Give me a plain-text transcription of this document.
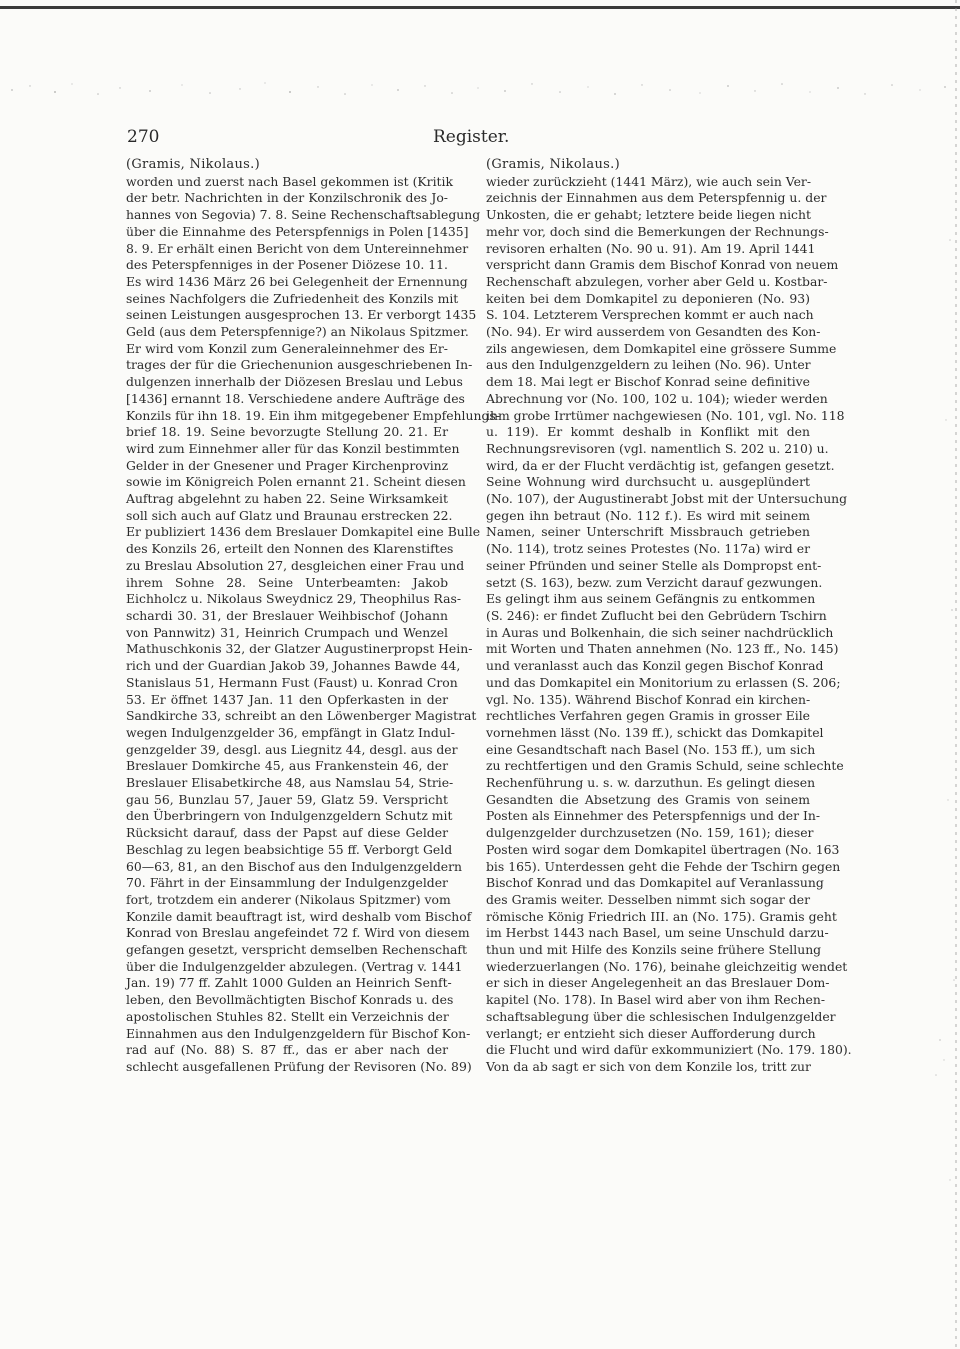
270	Register.
(Gramis, Nikolaus.)
worden und zuerst nach Basel gekommen ist (Kritik
der betr. Nachrichten in der Konzilschronik des Jo-
hannes von Segovia) 7. 8. Seine Rechenschaftsablegung
über die Einnahme des Peterspfennigs in Polen [1435]
8. 9. Er erhält einen Bericht von dem Untereinnehmer
des Peterspfenniges in der Posener Diözese 10. 11.
Es wird 1436 März 26 bei Gelegenheit der Ernennung
seines Nachfolgers die Zufriedenheit des Konzils mit
seinen Leistungen ausgesprochen 13. Er verborgt 1435
Geld (aus dem Peterspfennige?) an Nikolaus Spitzmer.
Er wird vom Konzil zum Generaleinnehmer des Er-
trages der für die Griechenunion ausgeschriebenen In-
dulgenzen innerhalb der Diözesen Breslau und Lebus
[1436] ernannt 18. Verschiedene andere Aufträge des
Konzils für ihn 18. 19. Ein ihm mitgegebener Empfehlungs-
brief 18. 19. Seine bevorzugte Stellung 20. 21. Er
wird zum Einnehmer aller für das Konzil bestimmten
Gelder in der Gnesener und Prager Kirchenprovinz
sowie im Königreich Polen ernannt 21. Scheint diesen
Auftrag abgelehnt zu haben 22. Seine Wirksamkeit
soll sich auch auf Glatz und Braunau erstrecken 22.
Er publiziert 1436 dem Breslauer Domkapitel eine Bulle
des Konzils 26, erteilt den Nonnen des Klarenstiftes
zu Breslau Absolution 27, desgleichen einer Frau und
ihrem Sohne 28. Seine Unterbeamten: Jakob
Eichholcz u. Nikolaus Sweydnicz 29, Theophilus Ras-
schardi 30. 31, der Breslauer Weihbischof (Johann
von Pannwitz) 31, Heinrich Crumpach und Wenzel
Mathuschkonis 32, der Glatzer Augustinerpropst Hein-
rich und der Guardian Jakob 39, Johannes Bawde 44,
Stanislaus 51, Hermann Fust (Faust) u. Konrad Cron
53. Er öffnet 1437 Jan. 11 den Opferkasten in der
Sandkirche 33, schreibt an den Löwenberger Magistrat
wegen Indulgenzgelder 36, empfängt in Glatz Indul-
genzgelder 39, desgl. aus Liegnitz 44, desgl. aus der
Breslauer Domkirche 45, aus Frankenstein 46, der
Breslauer Elisabetkirche 48, aus Namslau 54, Strie-
gau 56, Bunzlau 57, Jauer 59, Glatz 59. Verspricht
den Überbringern von Indulgenzgeldern Schutz mit
Rücksicht darauf, dass der Papst auf diese Gelder
Beschlag zu legen beabsichtige 55 ff. Verborgt Geld
60—63, 81, an den Bischof aus den Indulgenzgeldern
70. Fährt in der Einsammlung der Indulgenzgelder
fort, trotzdem ein anderer (Nikolaus Spitzmer) vom
Konzile damit beauftragt ist, wird deshalb vom Bischof
Konrad von Breslau angefeindet 72 f. Wird von diesem
gefangen gesetzt, verspricht demselben Rechenschaft
über die Indulgenzgelder abzulegen. (Vertrag v. 1441
Jan. 19) 77 ff. Zahlt 1000 Gulden an Heinrich Senft-
leben, den Bevollmächtigten Bischof Konrads u. des
apostolischen Stuhles 82. Stellt ein Verzeichnis der
Einnahmen aus den Indulgenzgeldern für Bischof Kon-
rad auf (No. 88) S. 87 ff., das er aber nach der
schlecht ausgefallenen Prüfung der Revisoren (No. 89)
(Gramis, Nikolaus.)
wieder zurückzieht (1441 März), wie auch sein Ver-
zeichnis der Einnahmen aus dem Peterspfennig u. der
Unkosten, die er gehabt; letztere beide liegen nicht
mehr vor, doch sind die Bemerkungen der Rechnungs-
revisoren erhalten (No. 90 u. 91). Am 19. April 1441
verspricht dann Gramis dem Bischof Konrad von neuem
Rechenschaft abzulegen, vorher aber Geld u. Kostbar-
keiten bei dem Domkapitel zu deponieren (No. 93)
S. 104. Letzterem Versprechen kommt er auch nach
(No. 94). Er wird ausserdem von Gesandten des Kon-
zils angewiesen, dem Domkapitel eine grössere Summe
aus den Indulgenzgeldern zu leihen (No. 96). Unter
dem 18. Mai legt er Bischof Konrad seine definitive
Abrechnung vor (No. 100, 102 u. 104); wieder werden
ihm grobe Irrtümer nachgewiesen (No. 101, vgl. No. 118
u. 119). Er kommt deshalb in Konflikt mit den
Rechnungsrevisoren (vgl. namentlich S. 202 u. 210) u.
wird, da er der Flucht verdächtig ist, gefangen gesetzt.
Seine Wohnung wird durchsucht u. ausgeplündert
(No. 107), der Augustinerabt Jobst mit der Untersuchung
gegen ihn betraut (No. 112 f.). Es wird mit seinem
Namen, seiner Unterschrift Missbrauch getrieben
(No. 114), trotz seines Protestes (No. 117a) wird er
seiner Pfründen und seiner Stelle als Dompropst ent-
setzt (S. 163), bezw. zum Verzicht darauf gezwungen.
Es gelingt ihm aus seinem Gefängnis zu entkommen
(S. 246): er findet Zuflucht bei den Gebrüdern Tschirn
in Auras und Bolkenhain, die sich seiner nachdrücklich
mit Worten und Thaten annehmen (No. 123 ff., No. 145)
und veranlasst auch das Konzil gegen Bischof Konrad
und das Domkapitel ein Monitorium zu erlassen (S. 206;
vgl. No. 135). Während Bischof Konrad ein kirchen-
rechtliches Verfahren gegen Gramis in grosser Eile
vornehmen lässt (No. 139 ff.), schickt das Domkapitel
eine Gesandtschaft nach Basel (No. 153 ff.), um sich
zu rechtfertigen und den Gramis Schuld, seine schlechte
Rechenführung u. s. w. darzuthun. Es gelingt diesen
Gesandten die Absetzung des Gramis von seinem
Posten als Einnehmer des Peterspfennigs und der In-
dulgenzgelder durchzusetzen (No. 159, 161); dieser
Posten wird sogar dem Domkapitel übertragen (No. 163
bis 165). Unterdessen geht die Fehde der Tschirn gegen
Bischof Konrad und das Domkapitel auf Veranlassung
des Gramis weiter. Desselben nimmt sich sogar der
römische König Friedrich III. an (No. 175). Gramis geht
im Herbst 1443 nach Basel, um seine Unschuld darzu-
thun und mit Hilfe des Konzils seine frühere Stellung
wiederzuerlangen (No. 176), beinahe gleichzeitig wendet
er sich in dieser Angelegenheit an das Breslauer Dom-
kapitel (No. 178). In Basel wird aber von ihm Rechen-
schaftsablegung über die schlesischen Indulgenzgelder
verlangt; er entzieht sich dieser Aufforderung durch
die Flucht und wird dafür exkommuniziert (No. 179. 180).
Von da ab sagt er sich von dem Konzile los, tritt zur
